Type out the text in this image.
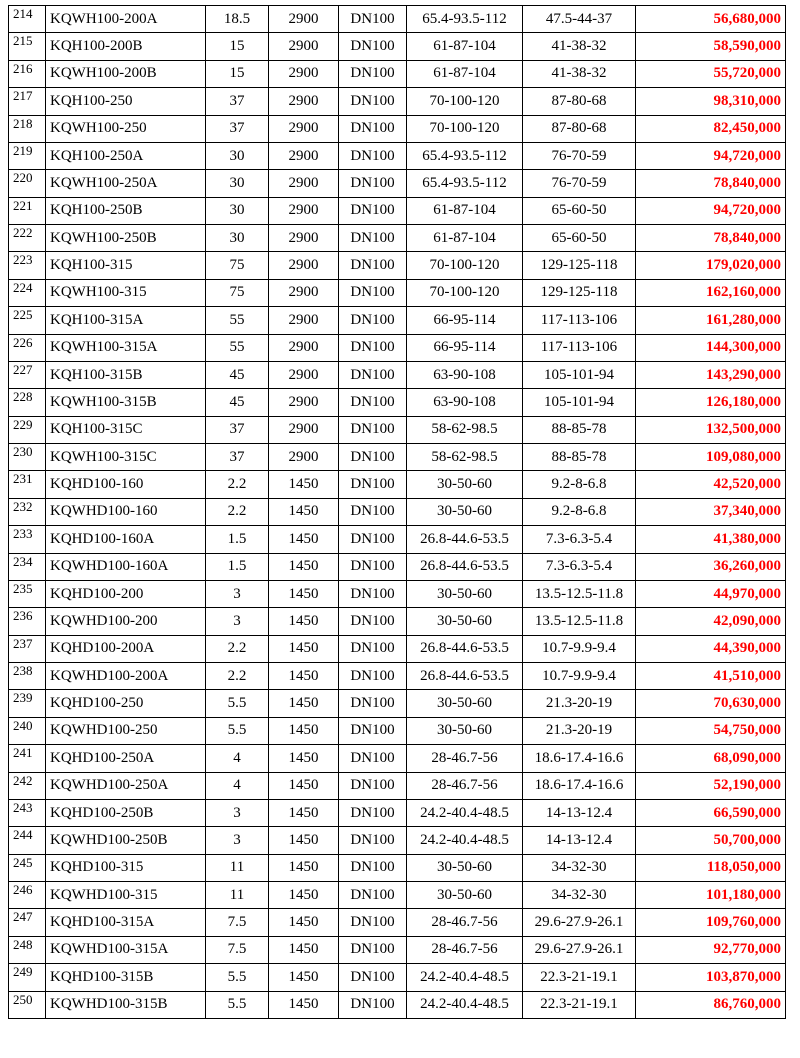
214	KQWH100-200A	18.5	2900	DN100	65.4-93.5-112	47.5-44-37	56,680,000
215	KQH100-200B	15	2900	DN100	61-87-104	41-38-32	58,590,000
216	KQWH100-200B	15	2900	DN100	61-87-104	41-38-32	55,720,000
217	KQH100-250	37	2900	DN100	70-100-120	87-80-68	98,310,000
218	KQWH100-250	37	2900	DN100	70-100-120	87-80-68	82,450,000
219	KQH100-250A	30	2900	DN100	65.4-93.5-112	76-70-59	94,720,000
220	KQWH100-250A	30	2900	DN100	65.4-93.5-112	76-70-59	78,840,000
221	KQH100-250B	30	2900	DN100	61-87-104	65-60-50	94,720,000
222	KQWH100-250B	30	2900	DN100	61-87-104	65-60-50	78,840,000
223	KQH100-315	75	2900	DN100	70-100-120	129-125-118	179,020,000
224	KQWH100-315	75	2900	DN100	70-100-120	129-125-118	162,160,000
225	KQH100-315A	55	2900	DN100	66-95-114	117-113-106	161,280,000
226	KQWH100-315A	55	2900	DN100	66-95-114	117-113-106	144,300,000
227	KQH100-315B	45	2900	DN100	63-90-108	105-101-94	143,290,000
228	KQWH100-315B	45	2900	DN100	63-90-108	105-101-94	126,180,000
229	KQH100-315C	37	2900	DN100	58-62-98.5	88-85-78	132,500,000
230	KQWH100-315C	37	2900	DN100	58-62-98.5	88-85-78	109,080,000
231	KQHD100-160	2.2	1450	DN100	30-50-60	9.2-8-6.8	42,520,000
232	KQWHD100-160	2.2	1450	DN100	30-50-60	9.2-8-6.8	37,340,000
233	KQHD100-160A	1.5	1450	DN100	26.8-44.6-53.5	7.3-6.3-5.4	41,380,000
234	KQWHD100-160A	1.5	1450	DN100	26.8-44.6-53.5	7.3-6.3-5.4	36,260,000
235	KQHD100-200	3	1450	DN100	30-50-60	13.5-12.5-11.8	44,970,000
236	KQWHD100-200	3	1450	DN100	30-50-60	13.5-12.5-11.8	42,090,000
237	KQHD100-200A	2.2	1450	DN100	26.8-44.6-53.5	10.7-9.9-9.4	44,390,000
238	KQWHD100-200A	2.2	1450	DN100	26.8-44.6-53.5	10.7-9.9-9.4	41,510,000
239	KQHD100-250	5.5	1450	DN100	30-50-60	21.3-20-19	70,630,000
240	KQWHD100-250	5.5	1450	DN100	30-50-60	21.3-20-19	54,750,000
241	KQHD100-250A	4	1450	DN100	28-46.7-56	18.6-17.4-16.6	68,090,000
242	KQWHD100-250A	4	1450	DN100	28-46.7-56	18.6-17.4-16.6	52,190,000
243	KQHD100-250B	3	1450	DN100	24.2-40.4-48.5	14-13-12.4	66,590,000
244	KQWHD100-250B	3	1450	DN100	24.2-40.4-48.5	14-13-12.4	50,700,000
245	KQHD100-315	11	1450	DN100	30-50-60	34-32-30	118,050,000
246	KQWHD100-315	11	1450	DN100	30-50-60	34-32-30	101,180,000
247	KQHD100-315A	7.5	1450	DN100	28-46.7-56	29.6-27.9-26.1	109,760,000
248	KQWHD100-315A	7.5	1450	DN100	28-46.7-56	29.6-27.9-26.1	92,770,000
249	KQHD100-315B	5.5	1450	DN100	24.2-40.4-48.5	22.3-21-19.1	103,870,000
250	KQWHD100-315B	5.5	1450	DN100	24.2-40.4-48.5	22.3-21-19.1	86,760,000
